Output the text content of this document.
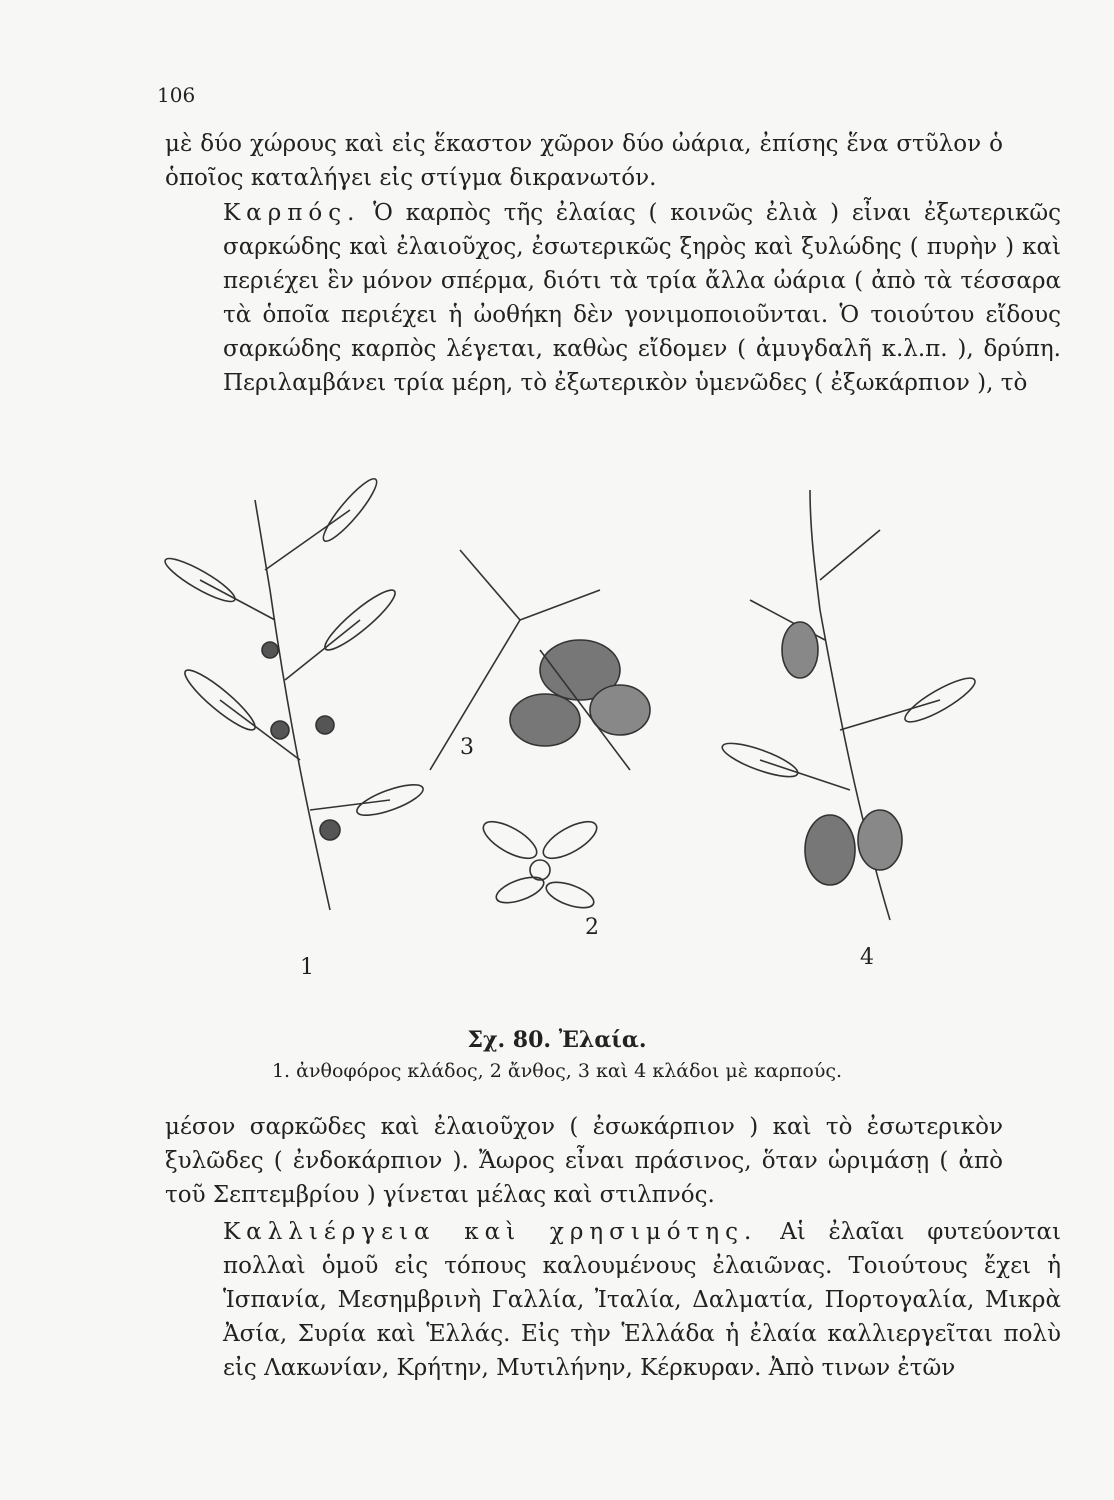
106

μὲ δύο χώρους καὶ εἰς ἕκαστον χῶρον δύο ὠάρια, ἐπίσης ἕνα στῦλον ὁ ὁποῖος καταλήγει εἰς στίγμα δικρανωτόν.

Καρπός. Ὁ καρπὸς τῆς ἐλαίας ( κοινῶς ἐλιὰ ) εἶναι ἐξωτερικῶς σαρκώδης καὶ ἐλαιοῦχος, ἐσωτερικῶς ξηρὸς καὶ ξυλώδης ( πυρὴν ) καὶ περιέχει ἓν μόνον σπέρμα, διότι τὰ τρία ἄλλα ὠάρια ( ἀπὸ τὰ τέσσαρα τὰ ὁποῖα περιέχει ἡ ὠοθήκη δὲν γονιμοποιοῦνται. Ὁ τοιούτου εἴδους σαρκώδης καρπὸς λέγεται, καθὼς εἴδομεν ( ἀμυγδαλῆ κ.λ.π. ), δρύπη. Περιλαμβάνει τρία μέρη, τὸ ἐξωτερικὸν ὑμενῶδες ( ἐξωκάρπιον ), τὸ

1
2
3
4
Σχ. 80. Ἐλαία.
1. ἀνθοφόρος κλάδος, 2 ἄνθος, 3 καὶ 4 κλάδοι μὲ καρπούς.

μέσον σαρκῶδες καὶ ἐλαιοῦχον ( ἐσωκάρπιον ) καὶ τὸ ἐσωτερικὸν ξυλῶδες ( ἐνδοκάρπιον ). Ἄωρος εἶναι πράσινος, ὅταν ὡριμάσῃ ( ἀπὸ τοῦ Σεπτεμβρίου ) γίνεται μέλας καὶ στιλπνός.

Καλλιέργεια καὶ χρησιμότης. Αἱ ἐλαῖαι φυτεύονται πολλαὶ ὁμοῦ εἰς τόπους καλουμένους ἐλαιῶνας. Τοιούτους ἔχει ἡ Ἱσπανία, Μεσημβρινὴ Γαλλία, Ἰταλία, Δαλματία, Πορτογαλία, Μικρὰ Ἀσία, Συρία καὶ Ἑλλάς. Εἰς τὴν Ἑλλάδα ἡ ἐλαία καλλιεργεῖται πολὺ εἰς Λακωνίαν, Κρήτην, Μυτιλήνην, Κέρκυραν. Ἀπὸ τινων ἐτῶν
